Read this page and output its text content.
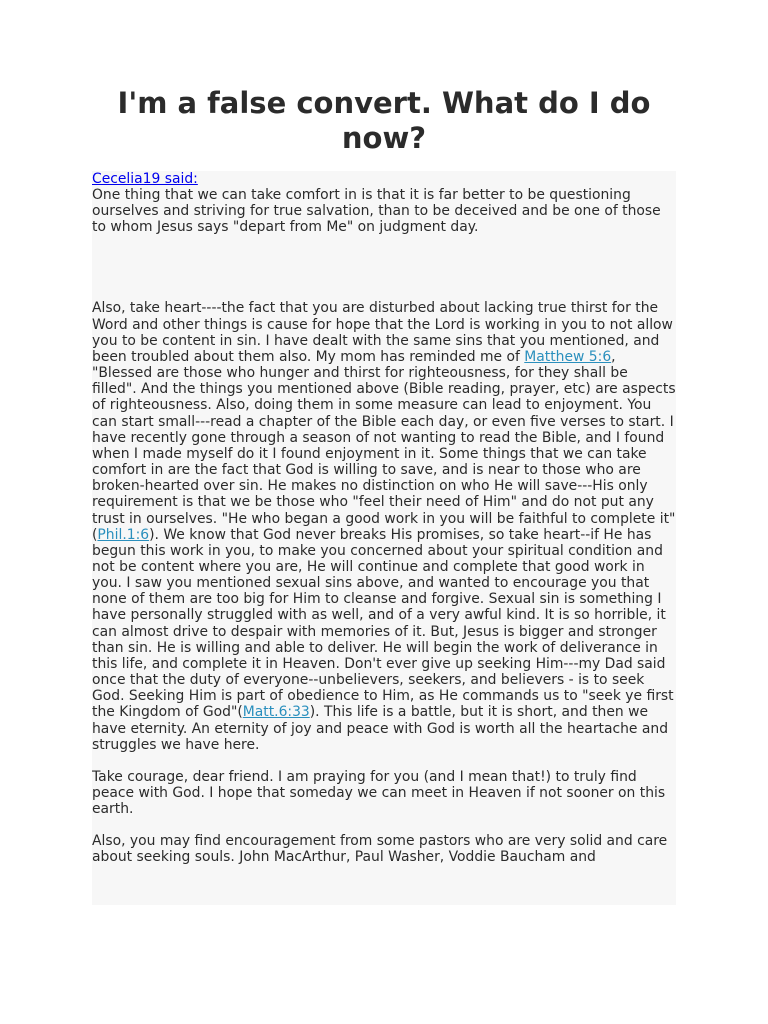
I'm a false convert. What do I do now?
Cecelia19 said:

One thing that we can take comfort in is that it is far better to be questioning ourselves and striving for true salvation, than to be deceived and be one of those to whom Jesus says "depart from Me" on judgment day.

Also, take heart----the fact that you are disturbed about lacking true thirst for the Word and other things is cause for hope that the Lord is working in you to not allow you to be content in sin. I have dealt with the same sins that you mentioned, and been troubled about them also. My mom has reminded me of Matthew 5:6, "Blessed are those who hunger and thirst for righteousness, for they shall be filled". And the things you mentioned above (Bible reading, prayer, etc) are aspects of righteousness. Also, doing them in some measure can lead to enjoyment. You can start small---read a chapter of the Bible each day, or even five verses to start. I have recently gone through a season of not wanting to read the Bible, and I found when I made myself do it I found enjoyment in it. Some things that we can take comfort in are the fact that God is willing to save, and is near to those who are broken-hearted over sin. He makes no distinction on who He will save---His only requirement is that we be those who "feel their need of Him" and do not put any trust in ourselves. "He who began a good work in you will be faithful to complete it"(Phil.1:6). We know that God never breaks His promises, so take heart--if He has begun this work in you, to make you concerned about your spiritual condition and not be content where you are, He will continue and complete that good work in you. I saw you mentioned sexual sins above, and wanted to encourage you that none of them are too big for Him to cleanse and forgive. Sexual sin is something I have personally struggled with as well, and of a very awful kind. It is so horrible, it can almost drive to despair with memories of it. But, Jesus is bigger and stronger than sin. He is willing and able to deliver. He will begin the work of deliverance in this life, and complete it in Heaven. Don't ever give up seeking Him---my Dad said once that the duty of everyone--unbelievers, seekers, and believers - is to seek God. Seeking Him is part of obedience to Him, as He commands us to "seek ye first the Kingdom of God"(Matt.6:33). This life is a battle, but it is short, and then we have eternity. An eternity of joy and peace with God is worth all the heartache and struggles we have here.

Take courage, dear friend. I am praying for you (and I mean that!) to truly find peace with God. I hope that someday we can meet in Heaven if not sooner on this earth.

Also, you may find encouragement from some pastors who are very solid and care about seeking souls. John MacArthur, Paul Washer, Voddie Baucham and
